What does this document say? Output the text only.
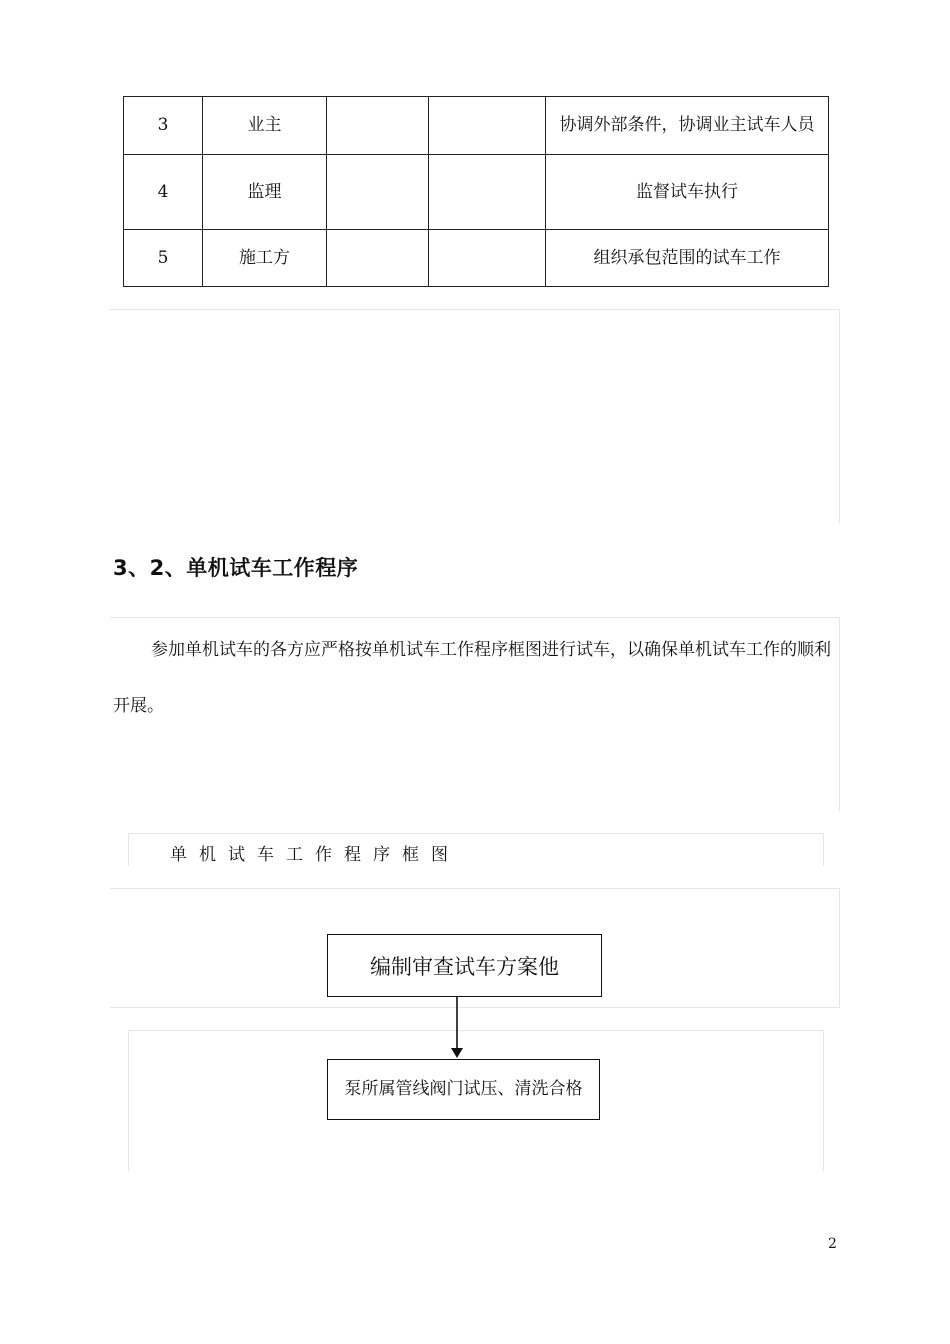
3	业主			协调外部条件，协调业主试车人员
4	监理			监督试车执行
5	施工方			组织承包范围的试车工作
3、2、单机试车工作程序

参加单机试车的各方应严格按单机试车工作程序框图进行试车，以确保单机试车工作的顺利开展。

单机试车工作程序框图
编制审查试车方案他
泵所属管线阀门试压、清洗合格
2
